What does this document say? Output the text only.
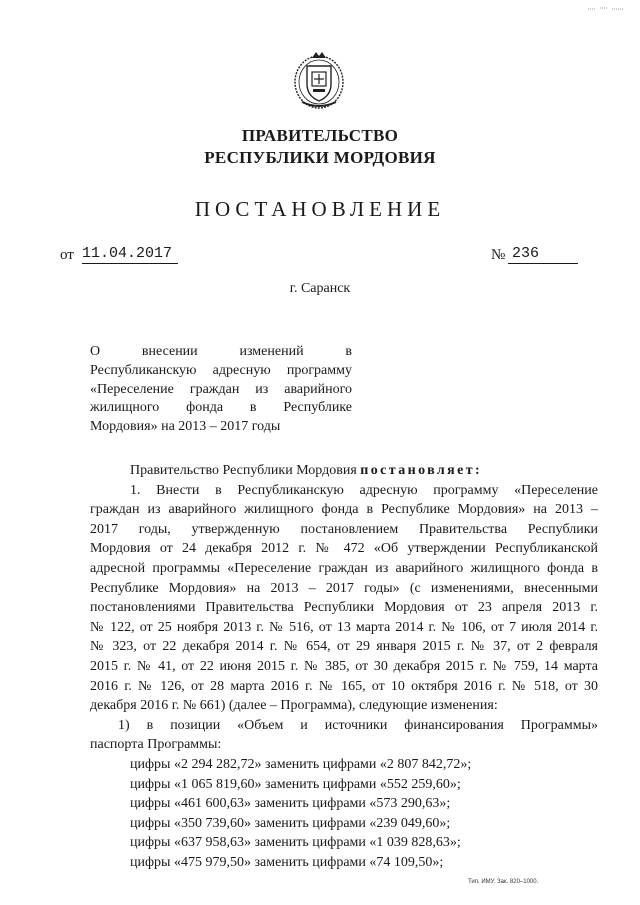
ПРАВИТЕЛЬСТВО
РЕСПУБЛИКИ МОРДОВИЯ
ПОСТАНОВЛЕНИЕ
от 11.04.2017	№ 236
г. Саранск
О внесении изменений в
Республиканскую адресную программу
«Переселение граждан из аварийного
жилищного фонда в Республике
Мордовия» на 2013 – 2017 годы
Правительство Республики Мордовия постановляет:
1. Внести в Республиканскую адресную программу «Переселение
граждан из аварийного жилищного фонда в Республике Мордовия» на 2013 –
2017 годы, утвержденную постановлением Правительства Республики
Мордовия от 24 декабря 2012 г. № 472 «Об утверждении Республиканской
адресной программы «Переселение граждан из аварийного жилищного фонда в
Республике Мордовия» на 2013 – 2017 годы» (с изменениями, внесенными
постановлениями Правительства Республики Мордовия от 23 апреля 2013 г.
№ 122, от 25 ноября 2013 г. № 516, от 13 марта 2014 г. № 106, от 7 июля 2014 г.
№ 323, от 22 декабря 2014 г. № 654, от 29 января 2015 г. № 37, от 2 февраля
2015 г. № 41, от 22 июня 2015 г. № 385, от 30 декабря 2015 г. № 759, 14 марта
2016 г. № 126, от 28 марта 2016 г. № 165, от 10 октября 2016 г. № 518, от 30
декабря 2016 г. № 661) (далее – Программа), следующие изменения:
1) в позиции «Объем и источники финансирования Программы»
паспорта Программы:
цифры «2 294 282,72» заменить цифрами «2 807 842,72»;
цифры «1 065 819,60» заменить цифрами «552 259,60»;
цифры «461 600,63» заменить цифрами «573 290,63»;
цифры «350 739,60» заменить цифрами «239 049,60»;
цифры «637 958,63» заменить цифрами «1 039 828,63»;
цифры «475 979,50» заменить цифрами «74 109,50»;
Тип. ИМУ. Зак. 820–1000.
